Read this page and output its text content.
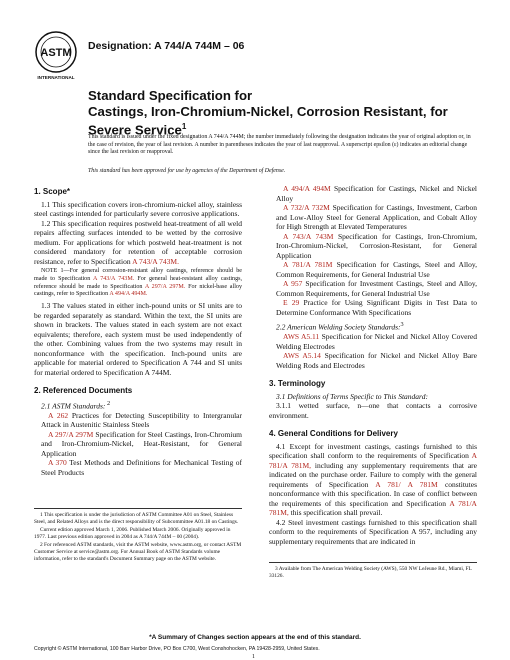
ASTM
INTERNATIONAL
Designation: A 744/A 744M – 06
Standard Specification for
Castings, Iron-Chromium-Nickel, Corrosion Resistant, for
Severe Service$^1$
This standard is issued under the fixed designation A 744/A 744M; the number immediately following the designation indicates the year of original adoption or, in the case of revision, the year of last revision. A number in parentheses indicates the year of last reapproval. A superscript epsilon (ε) indicates an editorial change since the last revision or reapproval.
This standard has been approved for use by agencies of the Department of Defense.
1. Scope*

1.1 This specification covers iron-chromium-nickel alloy, stainless steel castings intended for particularly severe corrosive applications.

1.2 This specification requires postweld heat-treatment of all weld repairs affecting surfaces intended to be wetted by the corrosive medium. For applications for which postweld heat-treatment is not considered mandatory for retention of acceptable corrosion resistance, refer to Specification A 743/A 743M.

NOTE 1—For general corrosion-resistant alloy castings, reference should be made to Specification A 743/A 743M. For general heat-resistant alloy castings, reference should be made to Specification A 297/A 297M. For nickel-base alloy castings, refer to Specification A 494/A 494M.

1.3 The values stated in either inch-pound units or SI units are to be regarded separately as standard. Within the text, the SI units are shown in brackets. The values stated in each system are not exact equivalents; therefore, each system must be used independently of the other. Combining values from the two systems may result in nonconformance with the specification. Inch-pound units are applicable for material ordered to Specification A 744 and SI units for material ordered to Specification A 744M.

2. Referenced Documents

2.1 ASTM Standards: $^2$

A 262 Practices for Detecting Susceptibility to Intergranular Attack in Austenitic Stainless Steels

A 297/A 297M Specification for Steel Castings, Iron-Chromium and Iron-Chromium-Nickel, Heat-Resistant, for General Application

A 370 Test Methods and Definitions for Mechanical Testing of Steel Products

A 494/A 494M Specification for Castings, Nickel and Nickel Alloy

A 732/A 732M Specification for Castings, Investment, Carbon and Low-Alloy Steel for General Application, and Cobalt Alloy for High Strength at Elevated Temperatures

A 743/A 743M Specification for Castings, Iron-Chromium, Iron-Chromium-Nickel, Corrosion-Resistant, for General Application

A 781/A 781M Specification for Castings, Steel and Alloy, Common Requirements, for General Industrial Use

A 957 Specification for Investment Castings, Steel and Alloy, Common Requirements, for General Industrial Use

E 29 Practice for Using Significant Digits in Test Data to Determine Conformance With Specifications

2.2 American Welding Society Standards:$^3$

AWS A5.11 Specification for Nickel and Nickel Alloy Covered Welding Electrodes

AWS A5.14 Specification for Nickel and Nickel Alloy Bare Welding Rods and Electrodes

3. Terminology

3.1 Definitions of Terms Specific to This Standard:

3.1.1 wetted surface, n—one that contacts a corrosive environment.

4. General Conditions for Delivery

4.1 Except for investment castings, castings furnished to this specification shall conform to the requirements of Specification A 781/A 781M, including any supplementary requirements that are indicated on the purchase order. Failure to comply with the general requirements of Specification A 781/ A 781M constitutes nonconformance with this specification. In case of conflict between the requirements of this specification and Specification A 781/A 781M, this specification shall prevail.

4.2 Steel investment castings furnished to this specification shall conform to the requirements of Specification A 957, including any supplementary requirements that are indicated in

1 This specification is under the jurisdiction of ASTM Committee A01 on Steel, Stainless Steel, and Related Alloys and is the direct responsibility of Subcommittee A01.18 on Castings.

Current edition approved March 1, 2006. Published March 2006. Originally approved in 1977. Last previous edition approved in 2004 as A 744/A 744M – 00 (2004).

2 For referenced ASTM standards, visit the ASTM website, www.astm.org, or contact ASTM Customer Service at service@astm.org. For Annual Book of ASTM Standards volume information, refer to the standard's Document Summary page on the ASTM website.

3 Available from The American Welding Society (AWS), 550 NW LeJeune Rd., Miami, FL 33126.

*A Summary of Changes section appears at the end of this standard.
Copyright © ASTM International, 100 Barr Harbor Drive, PO Box C700, West Conshohocken, PA 19428-2959, United States.
1
